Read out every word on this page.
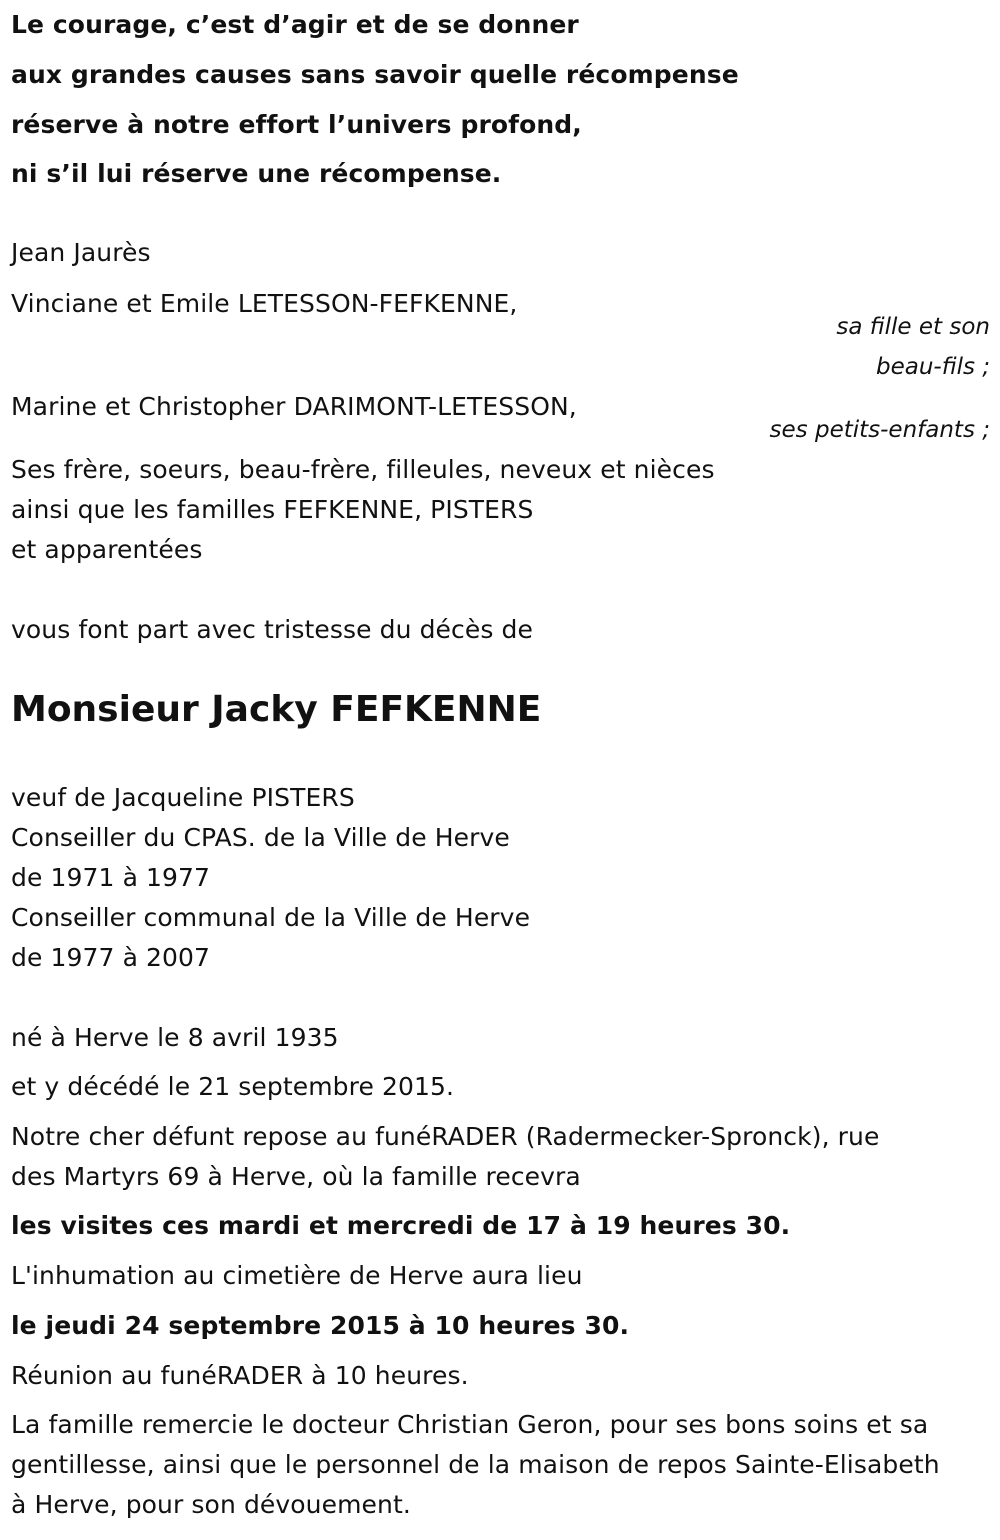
Le courage, c’est d’agir et de se donner
aux grandes causes sans savoir quelle récompense
réserve à notre effort l’univers profond,
ni s’il lui réserve une récompense.
Jean Jaurès
Vinciane et Emile LETESSON-FEFKENNE,
sa fille et son
beau-fils ;
Marine et Christopher DARIMONT-LETESSON,
ses petits-enfants ;
Ses frère, soeurs, beau-frère, filleules, neveux et nièces
ainsi que les familles FEFKENNE, PISTERS
et apparentées
vous font part avec tristesse du décès de
Monsieur Jacky FEFKENNE
veuf de Jacqueline PISTERS
Conseiller du CPAS. de la Ville de Herve
de 1971 à 1977
Conseiller communal de la Ville de Herve
de 1977 à 2007
né à Herve le 8 avril 1935
et y décédé le 21 septembre 2015.
Notre cher défunt repose au funéRADER (Radermecker-Spronck), rue
des Martyrs 69 à Herve, où la famille recevra
les visites ces mardi et mercredi de 17 à 19 heures 30.
L'inhumation au cimetière de Herve aura lieu
le jeudi 24 septembre 2015 à 10 heures 30.
Réunion au funéRADER à 10 heures.
La famille remercie le docteur Christian Geron, pour ses bons soins et sa
gentillesse, ainsi que le personnel de la maison de repos Sainte-Elisabeth
à Herve, pour son dévouement.
